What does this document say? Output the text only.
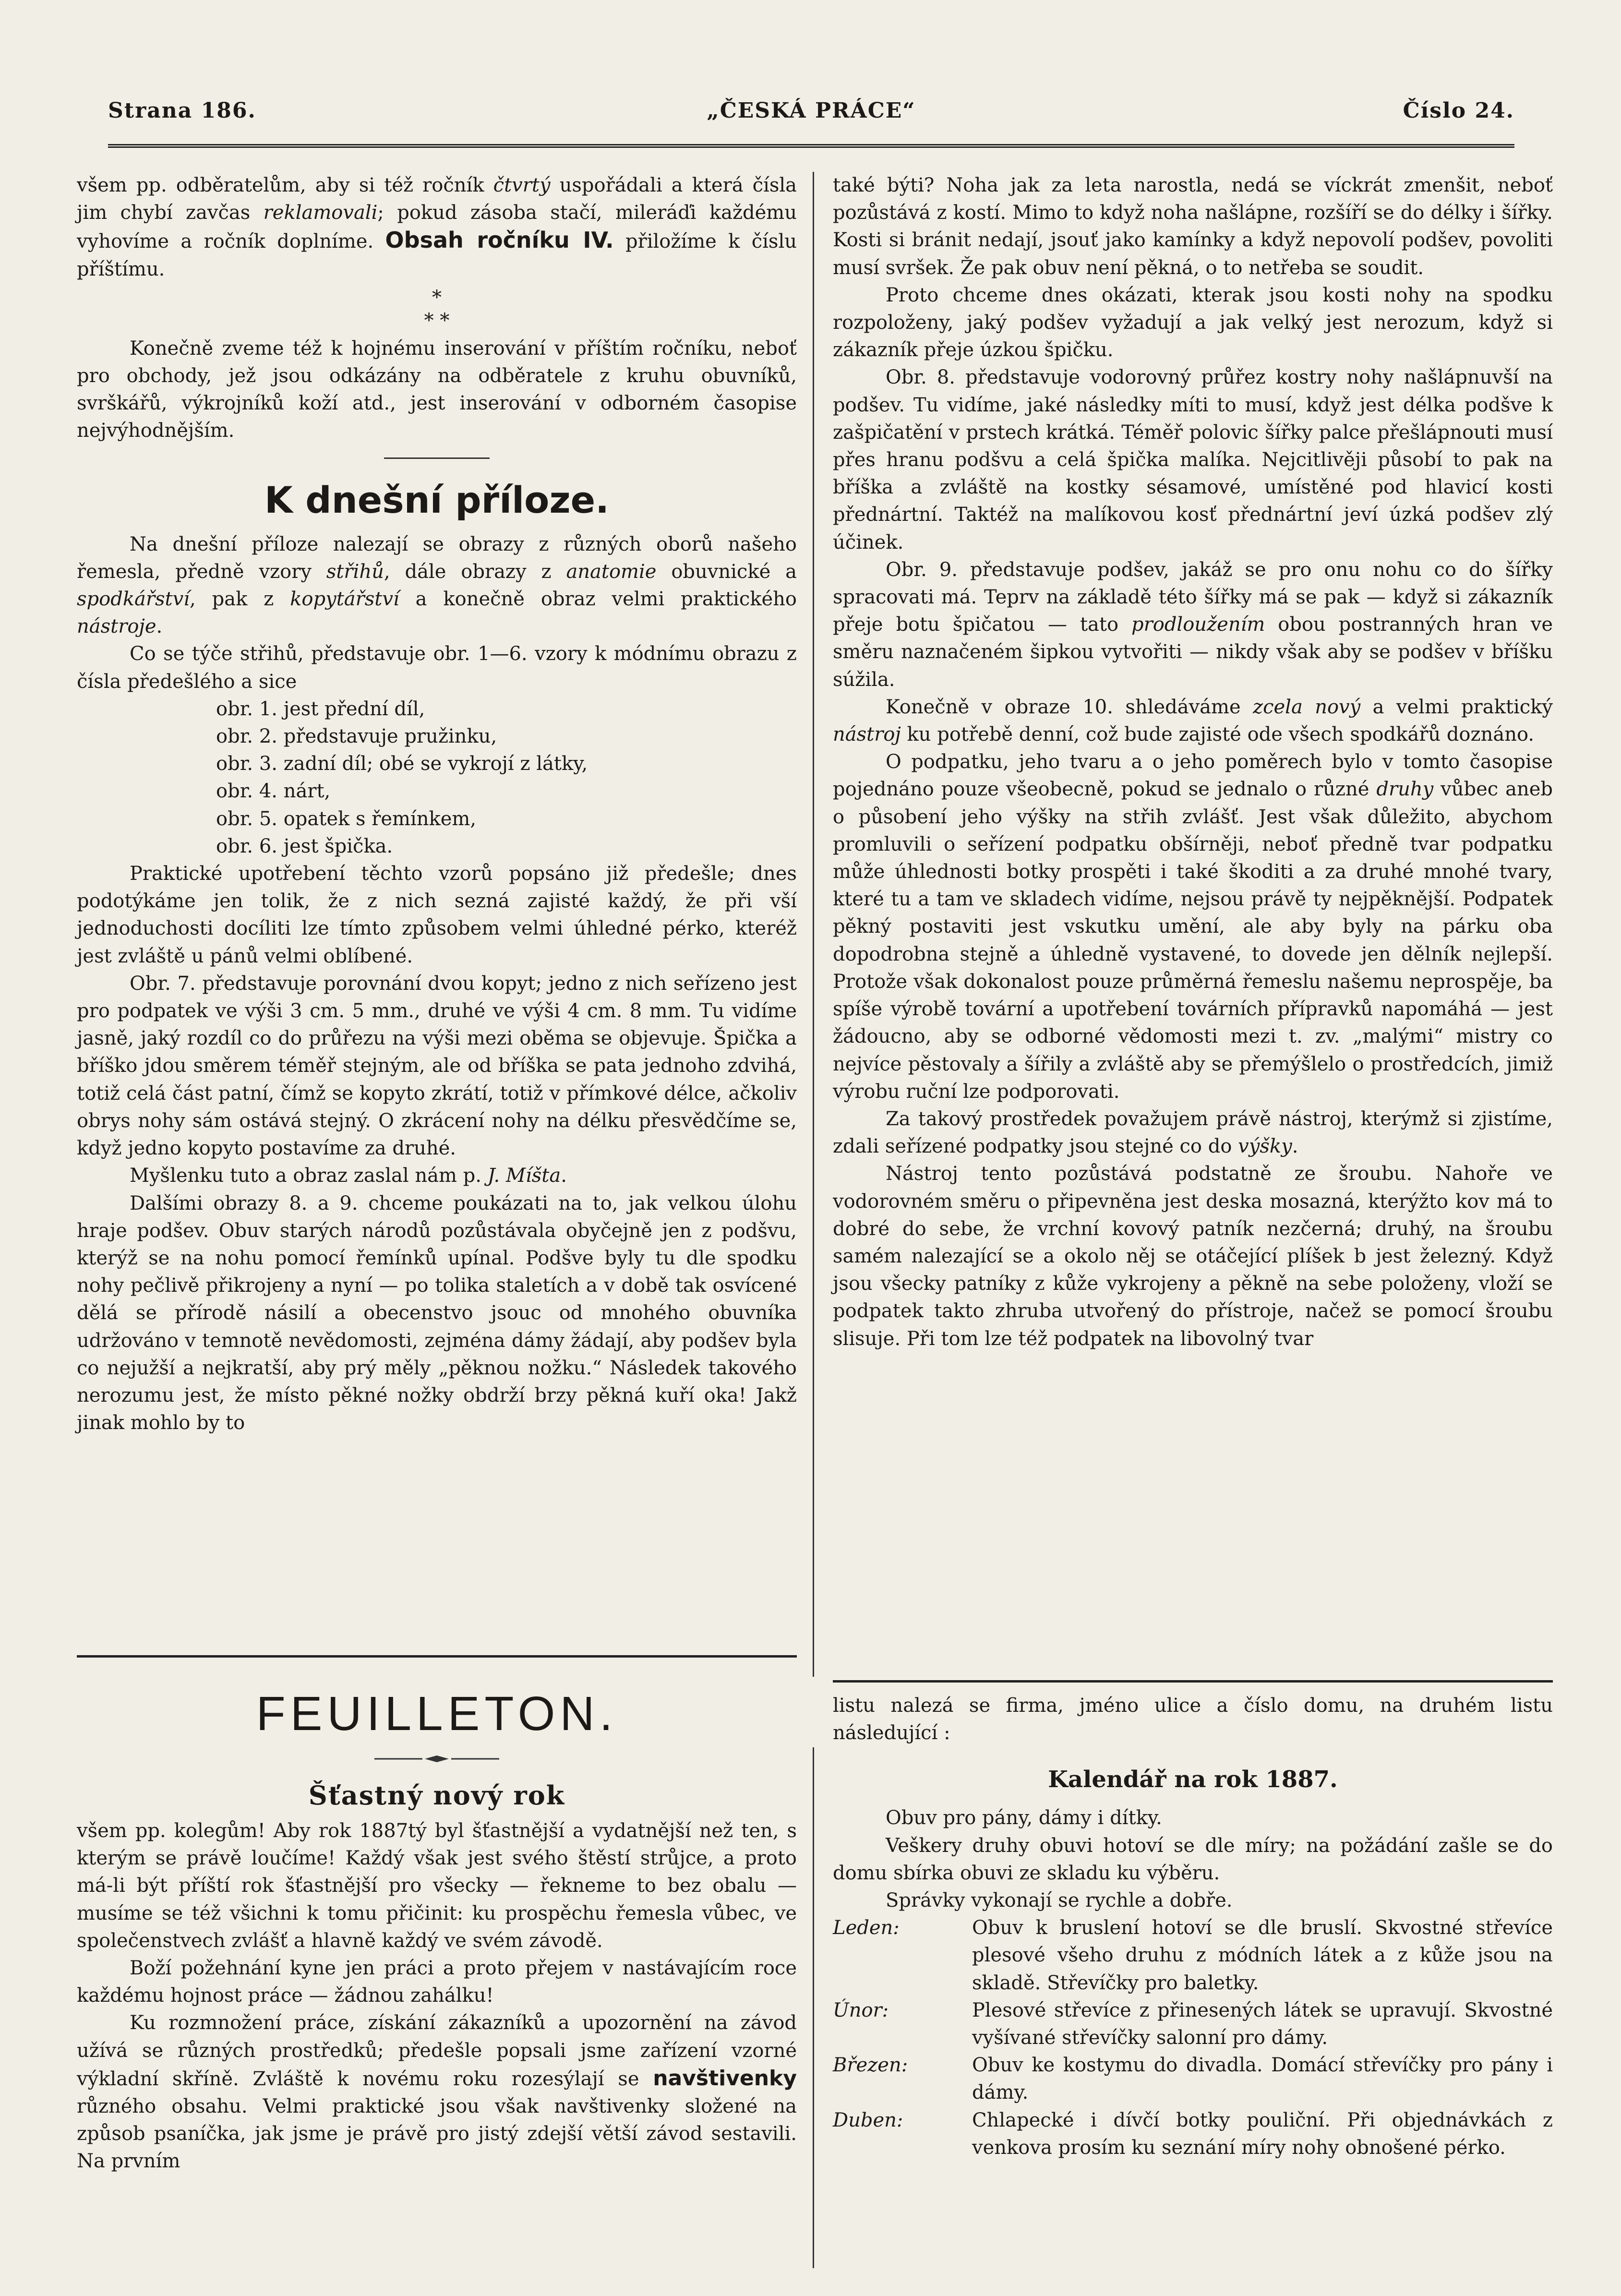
Strana 186.	„ČESKÁ PRÁCE“	Číslo 24.

všem pp. odběratelům, aby si též ročník čtvrtý uspořádali a která čísla jim chybí zavčas reklamovali; pokud zásoba stačí, mileráďi každému vyhovíme a ročník doplníme. Obsah ročníku IV. přiložíme k číslu příštímu.

*
* *

Konečně zveme též k hojnému inserování v příštím ročníku, neboť pro obchody, jež jsou odkázány na odběratele z kruhu obuvníků, svrškářů, výkrojníků koží atd., jest inserování v odborném časopise nejvýhodnějším.

K dnešní příloze.

Na dnešní příloze nalezají se obrazy z různých oborů našeho řemesla, předně vzory střihů, dále obrazy z anatomie obuvnické a spodkářství, pak z kopytářství a konečně obraz velmi praktického nástroje.

Co se týče střihů, představuje obr. 1—6. vzory k módnímu obrazu z čísla předešlého a sice

obr. 1. jest přední díl,
obr. 2. představuje pružinku,
obr. 3. zadní díl; obé se vykrojí z látky,
obr. 4. nárt,
obr. 5. opatek s řemínkem,
obr. 6. jest špička.

Praktické upotřebení těchto vzorů popsáno již předešle; dnes podotýkáme jen tolik, že z nich sezná zajisté každý, že při vší jednoduchosti docíliti lze tímto způsobem velmi úhledné pérko, kteréž jest zvláště u pánů velmi oblíbené.

Obr. 7. představuje porovnání dvou kopyt; jedno z nich seřízeno jest pro podpatek ve výši 3 cm. 5 mm., druhé ve výši 4 cm. 8 mm. Tu vidíme jasně, jaký rozdíl co do průřezu na výši mezi oběma se objevuje. Špička a bříško jdou směrem téměř stejným, ale od bříška se patа jednoho zdvihá, totiž celá část patní, čímž se kopyto zkrátí, totiž v přímkové délce, ačkoliv obrys nohy sám ostává stejný. O zkrácení nohy na délku přesvědčíme se, když jedno kopyto postavíme za druhé.

Myšlenku tuto a obraz zaslal nám p. J. Míšta.

Dalšími obrazy 8. a 9. chceme poukázati na to, jak velkou úlohu hraje podšev. Obuv starých národů pozůstávala obyčejně jen z podšvu, kterýž se na nohu pomocí řemínků upínal. Podšve byly tu dle spodku nohy pečlivě přikrojeny a nyní — po tolika staletích a v době tak osvícené dělá se přírodě násilí a obecenstvo jsouc od mnohého obuvníka udržováno v temnotě nevědomosti, zejména dámy žádají, aby podšev byla co nejužší a nejkratší, aby prý měly „pěknou nožku.“ Následek takového nerozumu jest, že místo pěkné nožky obdrží brzy pěkná kuří oka! Jakž jinak mohlo by to

také býti? Noha jak za leta narostla, nedá se víckrát zmenšit, neboť pozůstává z kostí. Mimo to když noha našlápne, rozšíří se do délky i šířky. Kosti si bránit nedají, jsouť jako kamínky a když nepovolí podšev, povoliti musí svršek. Že pak obuv není pěkná, o to netřeba se soudit.

Proto chceme dnes okázati, kterak jsou kosti nohy na spodku rozpoloženy, jaký podšev vyžadují a jak velký jest nerozum, když si zákazník přeje úzkou špičku.

Obr. 8. představuje vodorovný průřez kostry nohy našlápnuvší na podšev. Tu vidíme, jaké následky míti to musí, když jest délka podšve k zašpičatění v prstech krátká. Téměř polovic šířky palce přešlápnouti musí přes hranu podšvu a celá špička malíka. Nejcitlivěji působí to pak na bříška a zvláště na kostky sésamové, umístěné pod hlavicí kosti přednártní. Taktéž na malíkovou kosť přednártní jeví úzká podšev zlý účinek.

Obr. 9. představuje podšev, jakáž se pro onu nohu co do šířky spracovati má. Teprv na základě této šířky má se pak — když si zákazník přeje botu špičatou — tato prodloužením obou postranných hran ve směru naznačeném šipkou vytvořiti — nikdy však aby se podšev v bříšku súžila.

Konečně v obraze 10. shledáváme zcela nový a velmi praktický nástroj ku potřebě denní, což bude zajisté ode všech spodkářů doznáno.

O podpatku, jeho tvaru a o jeho poměrech bylo v tomto časopise pojednáno pouze všeobecně, pokud se jednalo o různé druhy vůbec aneb o působení jeho výšky na střih zvlášť. Jest však důležito, abychom promluvili o seřízení podpatku obšírněji, neboť předně tvar podpatku může úhlednosti botky prospěti i také škoditi a za druhé mnohé tvary, které tu a tam ve skladech vidíme, nejsou právě ty nejpěknější. Podpatek pěkný postaviti jest vskutku umění, ale aby byly na párku oba dopodrobna stejně a úhledně vystavené, to dovede jen dělník nejlepší. Protože však dokonalost pouze průměrná řemeslu našemu neprospěje, ba spíše výrobě tovární a upotřebení továrních přípravků napomáhá — jest žádoucno, aby se odborné vědomosti mezi t. zv. „malými“ mistry co nejvíce pěstovaly a šířily a zvláště aby se přemýšlelo o prostředcích, jimiž výrobu ruční lze podporovati.

Za takový prostředek považujem právě nástroj, kterýmž si zjistíme, zdali seřízené podpatky jsou stejné co do výšky.

Nástroj tento pozůstává podstatně ze šroubu. Nahoře ve vodorovném směru o připevněna jest deska mosazná, kterýžto kov má to dobré do sebe, že vrchní kovový patník nezčerná; druhý, na šroubu samém nalezající se a okolo něj se otáčející plíšek b jest železný. Když jsou všecky patníky z kůže vykrojeny a pěkně na sebe položeny, vloží se podpatek takto zhruba utvořený do přístroje, načež se pomocí šroubu slisuje. Při tom lze též podpatek na libovolný tvar

FEUILLETON.
Šťastný nový rok

všem pp. kolegům! Aby rok 1887tý byl šťastnější a vydatnější než ten, s kterým se právě loučíme! Každý však jest svého štěstí strůjce, a proto má-li být příští rok šťastnější pro všecky — řekneme to bez obalu — musíme se též všichni k tomu přičinit: ku prospěchu řemesla vůbec, ve společenstvech zvlášť a hlavně každý ve svém závodě.

Boží požehnání kyne jen práci a proto přejem v nastávajícím roce každému hojnost práce — žádnou zahálku!

Ku rozmnožení práce, získání zákazníků a upozornění na závod užívá se různých prostředků; předešle popsali jsme zařízení vzorné výkladní skříně. Zvláště k novému roku rozesýlají se navštivenky různého obsahu. Velmi praktické jsou však navštivenky složené na způsob psaníčka, jak jsme je právě pro jistý zdejší větší závod sestavili. Na prvním

listu nalezá se firma, jméno ulice a číslo domu, na druhém listu následující :

Kalendář na rok 1887.

Obuv pro pány, dámy i dítky.

Veškery druhy obuvi hotoví se dle míry; na požádání zašle se do domu sbírka obuvi ze skladu ku výběru.

Správky vykonají se rychle a dobře.

Leden:	Obuv k bruslení hotoví se dle bruslí. Skvostné střevíce plesové všeho druhu z módních látek a z kůže jsou na skladě. Střevíčky pro baletky.
Únor:	Plesové střevíce z přinesených látek se upravují. Skvostné vyšívané střevíčky salonní pro dámy.
Březen:	Obuv ke kostymu do divadla. Domácí střevíčky pro pány i dámy.
Duben:	Chlapecké i dívčí botky pouliční. Při objednávkách z venkova prosím ku seznání míry nohy obnošené pérko.
